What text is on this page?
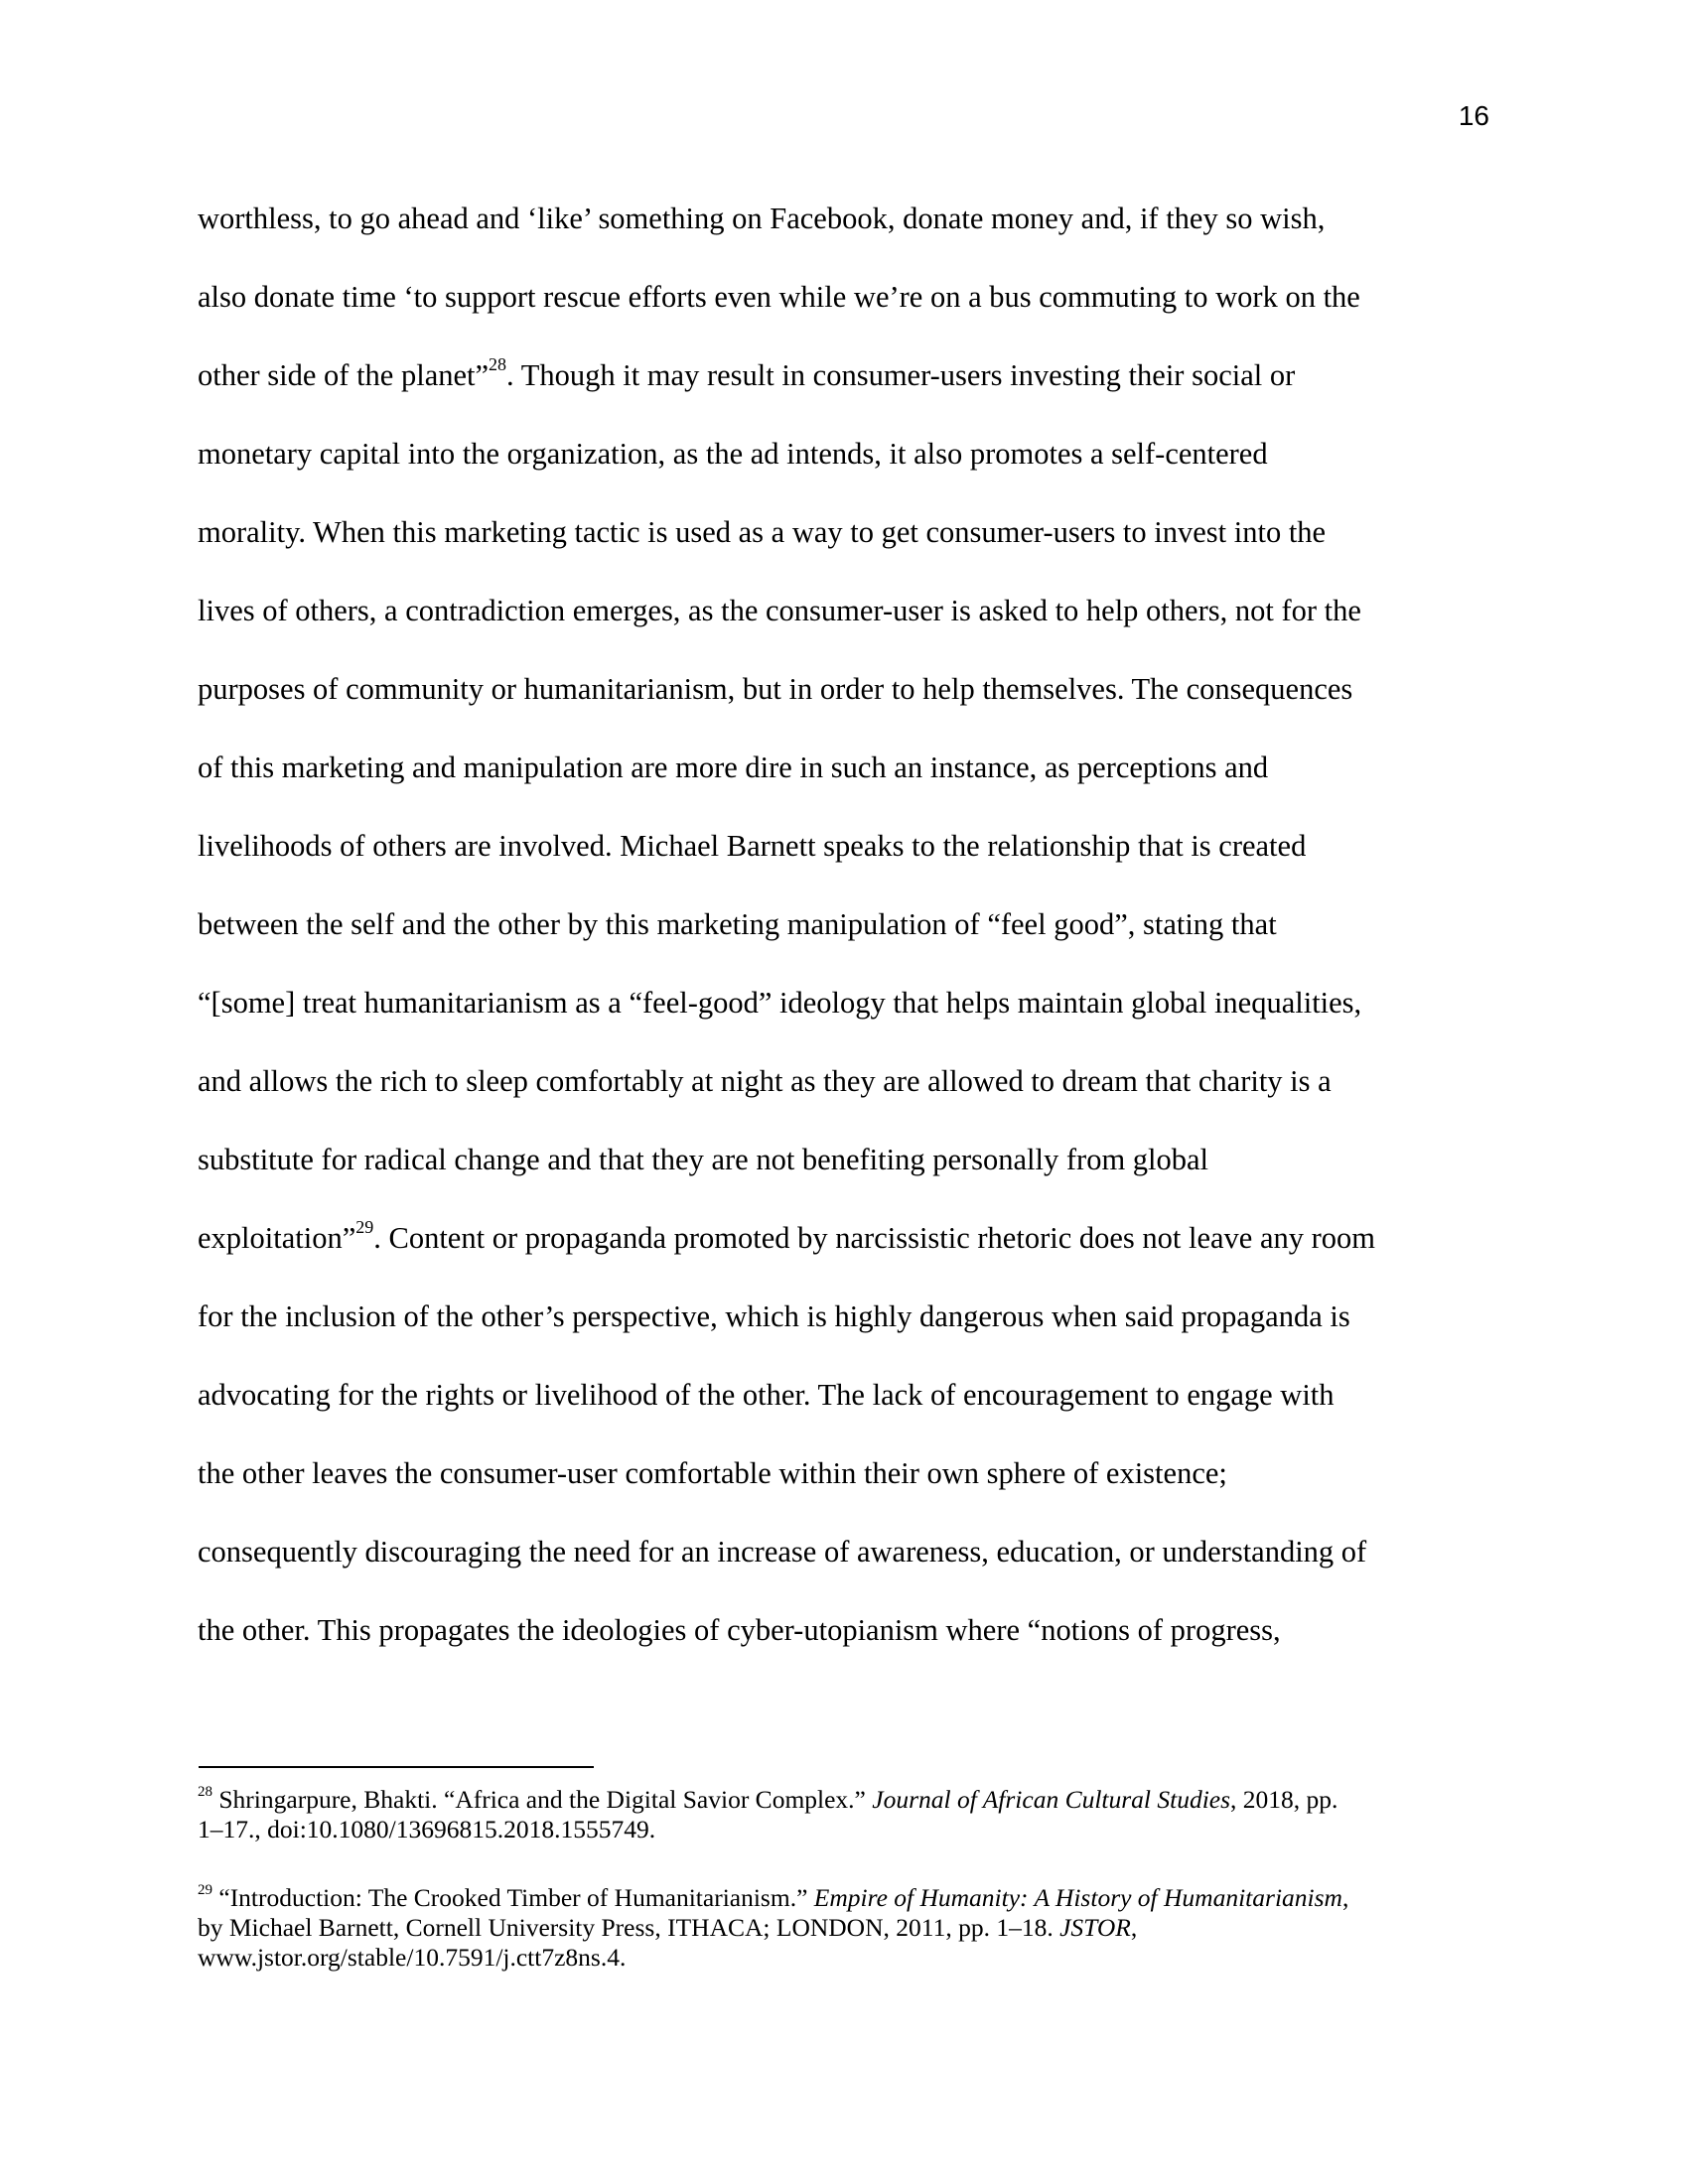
16
worthless, to go ahead and ‘like’ something on Facebook, donate money and, if they so wish,
also donate time ‘to support rescue efforts even while we’re on a bus commuting to work on the
other side of the planet”$^{28}$. Though it may result in consumer-users investing their social or
monetary capital into the organization, as the ad intends, it also promotes a self-centered
morality. When this marketing tactic is used as a way to get consumer-users to invest into the
lives of others, a contradiction emerges, as the consumer-user is asked to help others, not for the
purposes of community or humanitarianism, but in order to help themselves. The consequences
of this marketing and manipulation are more dire in such an instance, as perceptions and
livelihoods of others are involved. Michael Barnett speaks to the relationship that is created
between the self and the other by this marketing manipulation of “feel good”, stating that
“[some] treat humanitarianism as a “feel-good” ideology that helps maintain global inequalities,
and allows the rich to sleep comfortably at night as they are allowed to dream that charity is a
substitute for radical change and that they are not benefiting personally from global
exploitation”$^{29}$. Content or propaganda promoted by narcissistic rhetoric does not leave any room
for the inclusion of the other’s perspective, which is highly dangerous when said propaganda is
advocating for the rights or livelihood of the other. The lack of encouragement to engage with
the other leaves the consumer-user comfortable within their own sphere of existence;
consequently discouraging the need for an increase of awareness, education, or understanding of
the other. This propagates the ideologies of cyber-utopianism where “notions of progress,
$^{28}$ Shringarpure, Bhakti. “Africa and the Digital Savior Complex.” Journal of African Cultural Studies, 2018, pp.
1–17., doi:10.1080/13696815.2018.1555749.
$^{29}$ “Introduction: The Crooked Timber of Humanitarianism.” Empire of Humanity: A History of Humanitarianism,
by Michael Barnett, Cornell University Press, ITHACA; LONDON, 2011, pp. 1–18. JSTOR,
www.jstor.org/stable/10.7591/j.ctt7z8ns.4.
